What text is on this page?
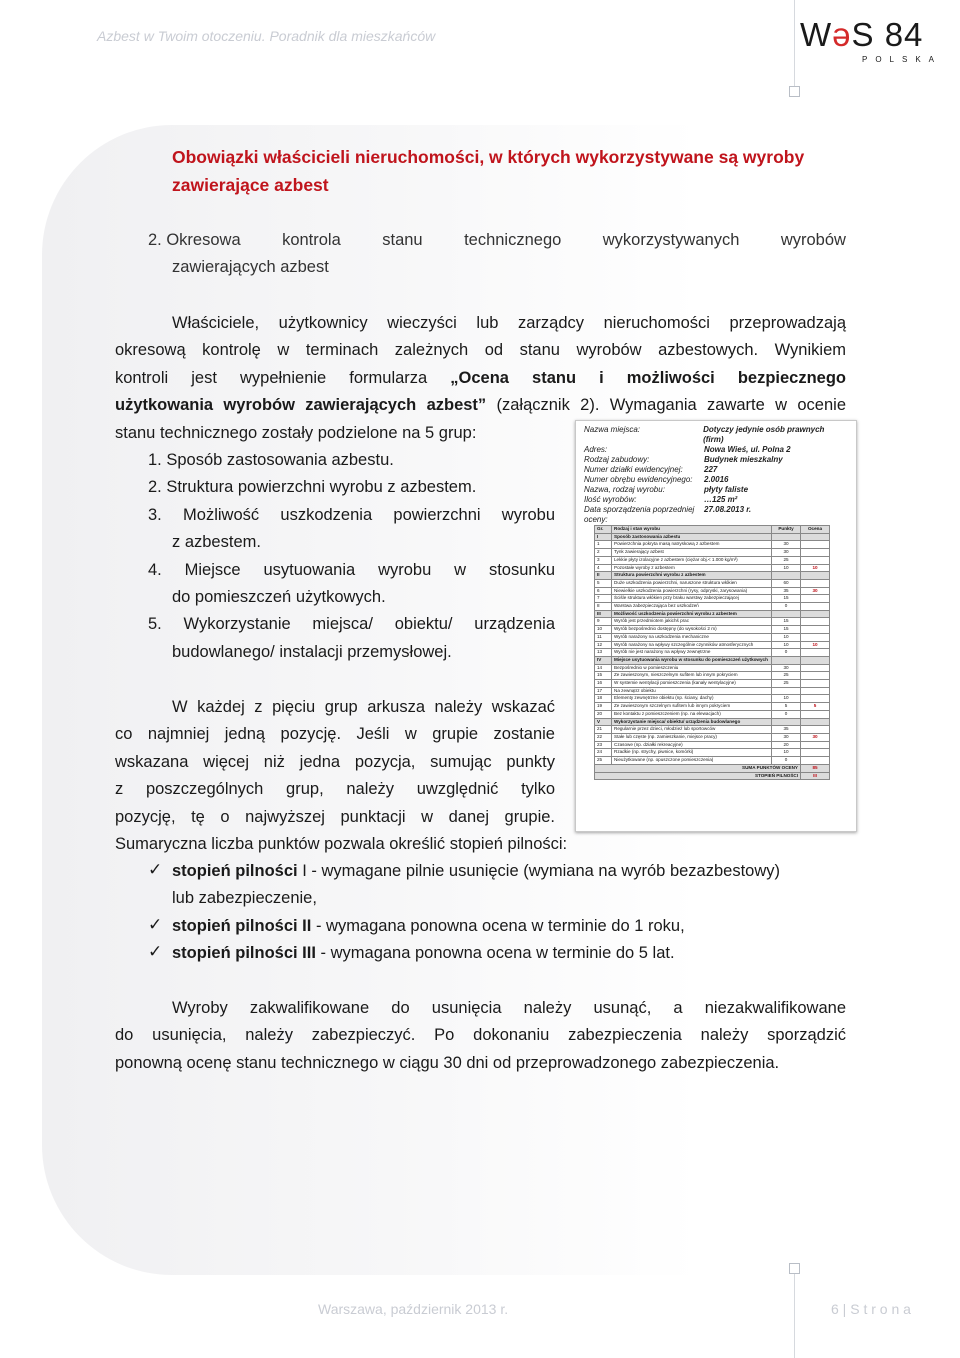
Azbest w Twoim otoczeniu. Poradnik dla mieszkańców	WəS 84
POLSKA
Obowiązki właścicieli nieruchomości, w których wykorzystywane są wyroby zawierające azbest
2. Okresowa	kontrola	stanu	technicznego	wykorzystywanych	wyrobów
zawierających azbest
Właściciele, użytkownicy wieczyści lub zarządcy nieruchomości przeprowadzają
okresową kontrolę w terminach zależnych od stanu wyrobów azbestowych. Wynikiem
kontroli jest wypełnienie formularza „Ocena stanu i możliwości bezpiecznego
użytkowania wyrobów zawierających azbest” (załącznik 2). Wymagania zawarte w ocenie
stanu technicznego zostały podzielone na 5 grup:
1. Sposób zastosowania azbestu.
2. Struktura powierzchni wyrobu z azbestem.
3. Możliwość uszkodzenia powierzchni wyrobu
z azbestem.
4. Miejsce usytuowania wyrobu w stosunku
do pomieszczeń użytkowych.
5. Wykorzystanie miejsca/ obiektu/ urządzenia
budowlanego/ instalacji przemysłowej.
W każdej z pięciu grup arkusza należy wskazać
co najmniej jedną pozycję. Jeśli w grupie zostanie
wskazana więcej niż jedna pozycja, sumując punkty
z poszczególnych grup, należy uwzględnić tylko
pozycję, tę o najwyższej punktacji w danej grupie.
Sumaryczna liczba punktów pozwala określić stopień pilności:
✓ stopień pilności I - wymagane pilnie usunięcie (wymiana na wyrób bezazbestowy)
lub zabezpieczenie,
✓ stopień pilności II - wymagana ponowna ocena w terminie do 1 roku,
✓ stopień pilności III - wymagana ponowna ocena w terminie do 5 lat.
Wyroby zakwalifikowane do usunięcia należy usunąć, a niezakwalifikowane
do usunięcia, należy zabezpieczyć. Po dokonaniu zabezpieczenia należy sporządzić
ponowną ocenę stanu technicznego w ciągu 30 dni od przeprowadzonego zabezpieczenia.
Nazwa miejsca:	Dotyczy jedynie osób prawnych (firm)
Adres:	Nowa Wieś, ul. Polna 2
Rodzaj zabudowy:	Budynek mieszkalny
Numer działki ewidencyjnej:	227
Numer obrębu ewidencyjnego:	2.0016
Nazwa, rodzaj wyrobu:	płyty faliste
Ilość wyrobów:	…125 m²
Data sporządzenia poprzedniej oceny:
27.08.2013 r.
Gr.	Rodzaj i stan wyrobu	Punkty	Ocena
I	Sposób zastosowania azbestu		
1	Powierzchnia pokryta masą natryskową z azbestem	30	
2	Tynk zawierający azbest	30	
3	Lekkie płyty izolacyjne z azbestem (ciężar obj.< 1.000 kg/m³)	25	
4	Pozostałe wyroby z azbestem	10	10
II	Struktura powierzchni wyrobu z azbestem		
5	Duże uszkodzenia powierzchni, naruszone struktura włókien	60	
6	Niewielkie uszkodzenia powierzchni (rysy, odpryski, zarysowania)	35	30
7	Ściśle struktura włókien przy braku warstwy zabezpieczającej	15	
8	Warstwa zabezpieczająca bez uszkodzeń	0	
III	Możliwość uszkodzenia powierzchni wyrobu z azbestem		
9	Wyrób jest przedmiotem jakichś prac	15	
10	Wyrób bezpośrednio dostępny (do wysokości 2 m)	15	
11	Wyrób narażony na uszkodzenia mechaniczne	10	
12	Wyrób narażony na wpływy szczególnie czynników atmosferycznych	10	10
13	Wyrób nie jest narażony na wpływy zewnętrzne	0	
IV	Miejsce usytuowania wyrobu w stosunku do pomieszczeń użytkowych		
14	Bezpośrednio w pomieszczeniu	30	
15	Ze zawieszonym, nieszczelnym sufitem lub innym pokryciem	25	
16	W systemie wentylacji pomieszczenia (kanały wentylacyjne)	25	
17	Na zewnątrz obiektu		
18	Elementy zewnętrzne obiektu (np. ściany, dachy)	10	
19	Ze zawieszonym szczelnym sufitem lub innym pokryciem	5	5
20	Bez kontaktu z pomieszczeniem (np. na elewacjach)	0	
V	Wykorzystanie miejsca/ obiektu/ urządzenia budowlanego		
21	Regularnie przez dzieci, młodzież lub sportowców	35	
22	Stałe lub częste (np. zamieszkanie, miejsce pracy)	30	30
23	Czasowe (np. działki rekreacyjne)	20	
24	Rzadkie (np. strychy, piwnice, komórki)	10	
25	Nieużytkowane (np. opuszczone pomieszczenia)	0	
SUMA PUNKTÓW OCENY			85
STOPIEŃ PILNOŚCI			III
Warszawa, październik 2013 r.	6 | S t r o n a
